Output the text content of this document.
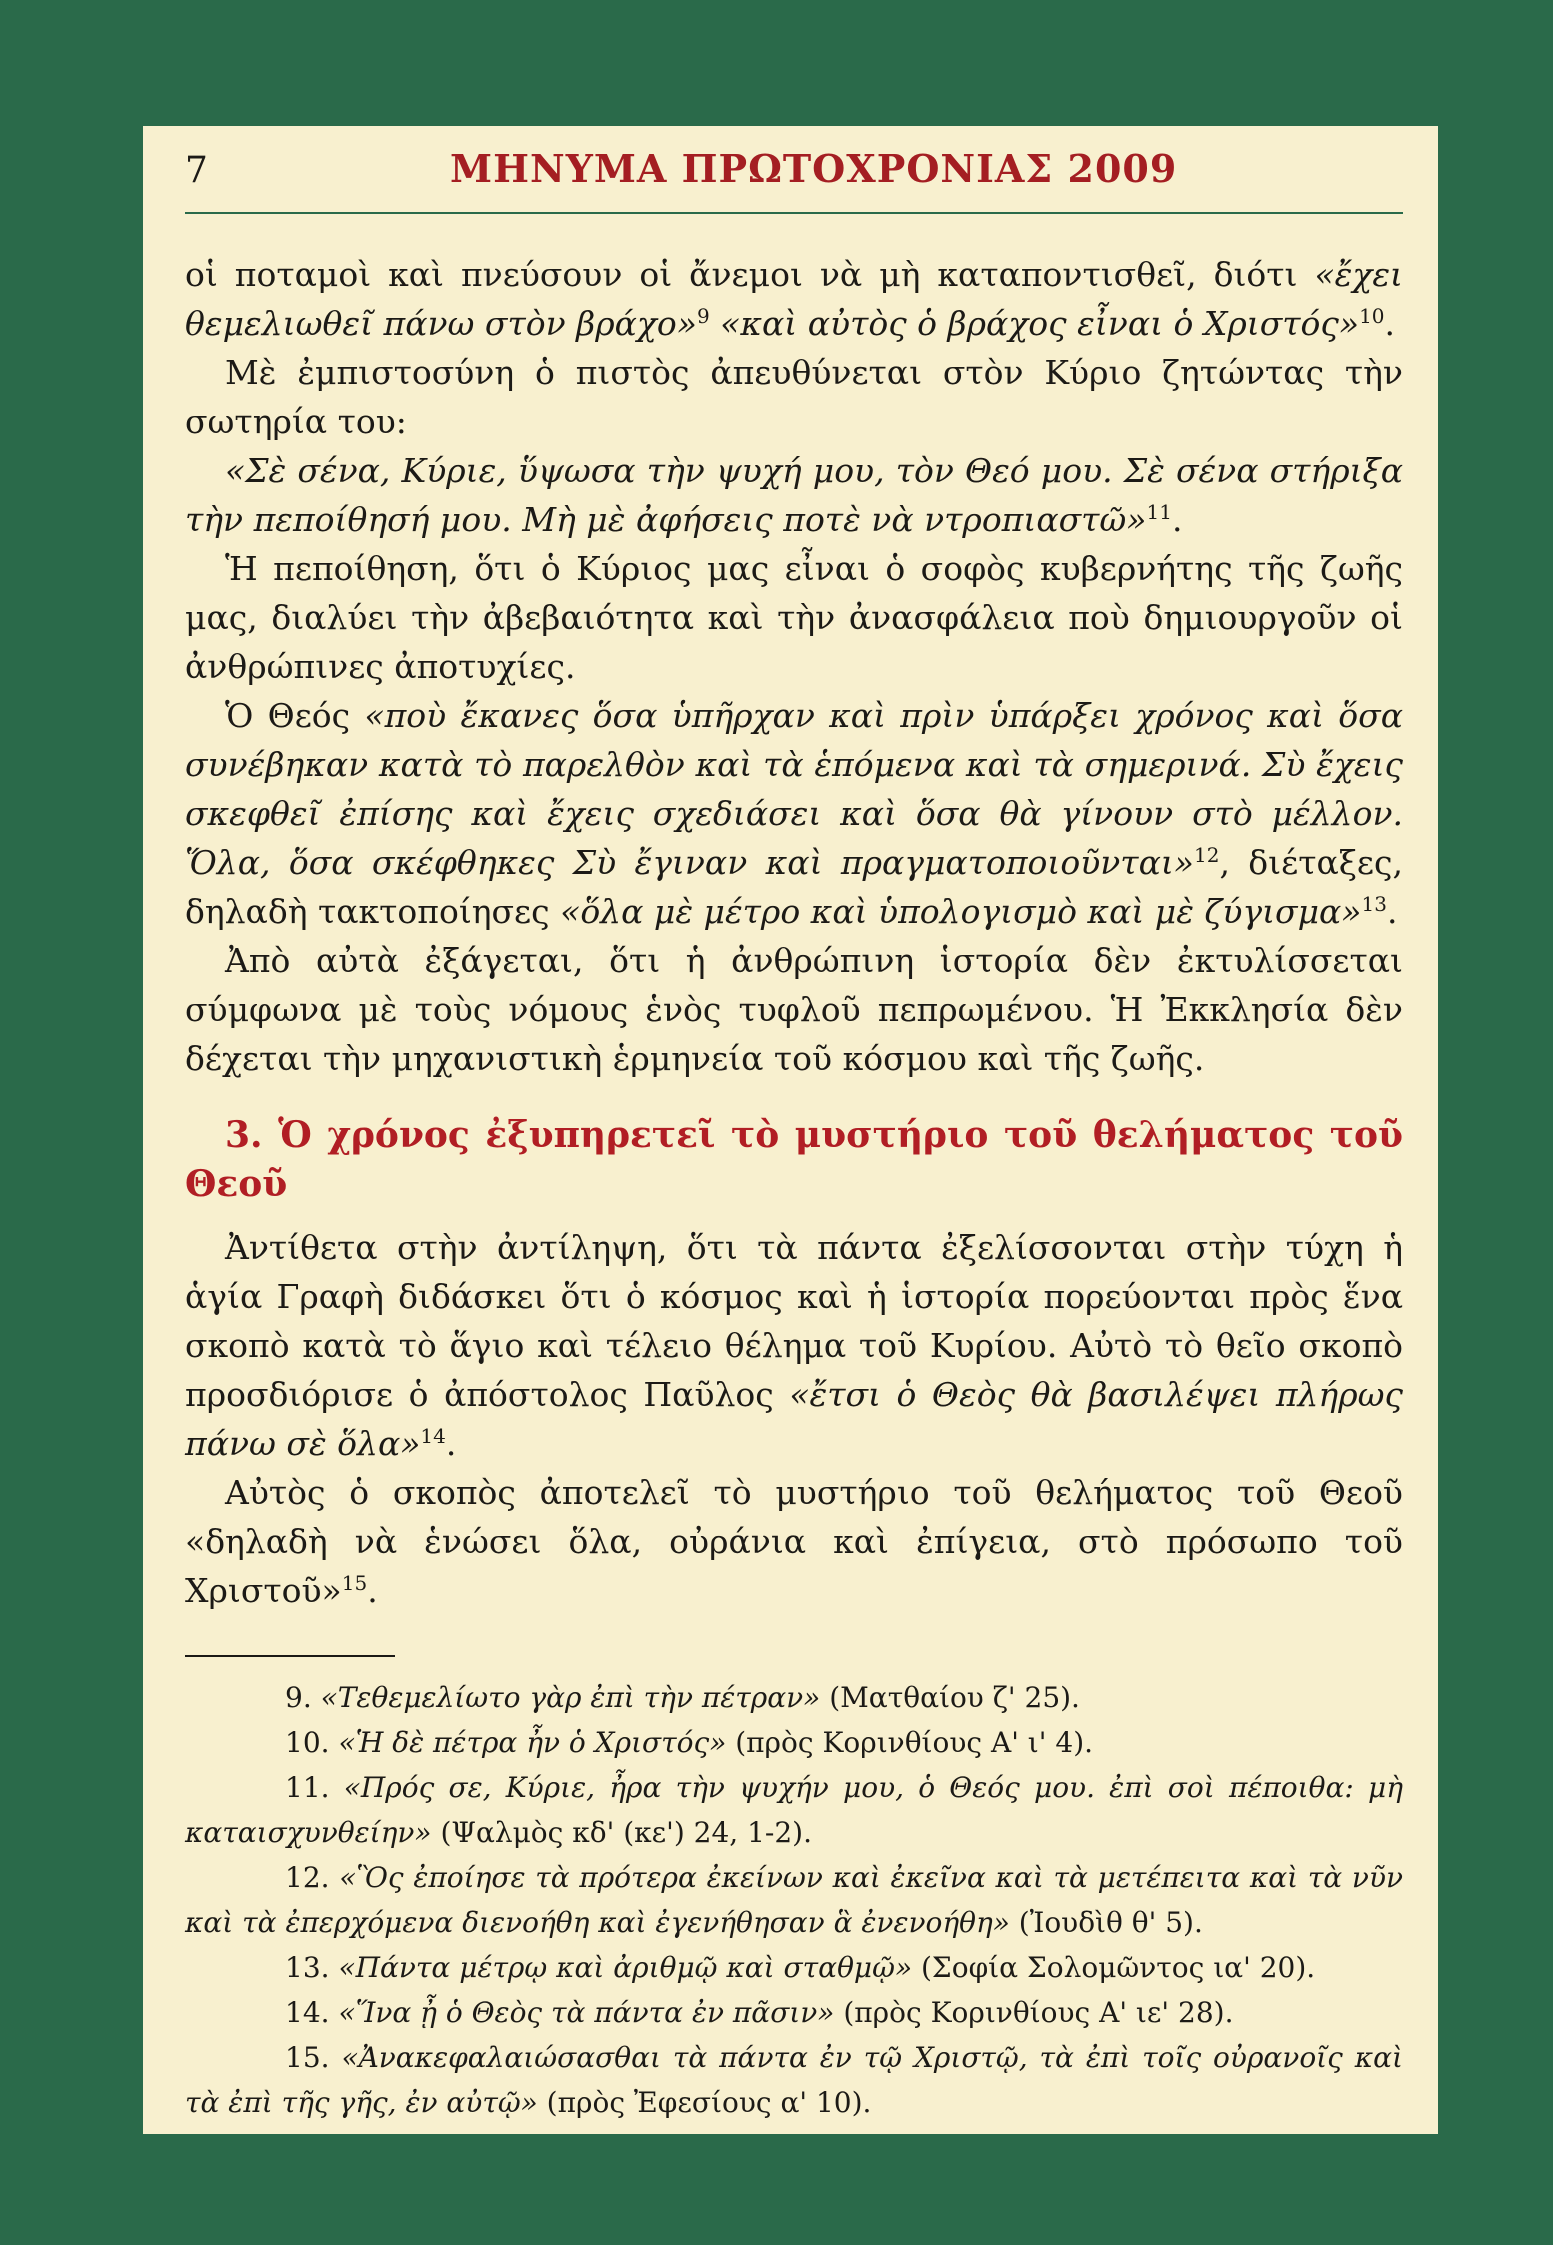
7	ΜΗΝΥΜΑ ΠΡΩΤΟΧΡΟΝΙΑΣ 2009

οἱ ποταμοὶ καὶ πνεύσουν οἱ ἄνεμοι νὰ μὴ καταποντισθεῖ, διότι «ἔχει θεμελιωθεῖ πάνω στὸν βράχο»$^9$ «καὶ αὐτὸς ὁ βράχος εἶναι ὁ Χριστός»$^{10}$.

Μὲ ἐμπιστοσύνη ὁ πιστὸς ἀπευθύνεται στὸν Κύριο ζητώντας τὴν σωτηρία του:

«Σὲ σένα, Κύριε, ὕψωσα τὴν ψυχή μου, τὸν Θεό μου. Σὲ σένα στήριξα τὴν πεποίθησή μου. Μὴ μὲ ἀφήσεις ποτὲ νὰ ντροπιαστῶ»$^{11}$.

Ἡ πεποίθηση, ὅτι ὁ Κύριος μας εἶναι ὁ σοφὸς κυβερνήτης τῆς ζωῆς μας, διαλύει τὴν ἀβεβαιότητα καὶ τὴν ἀνασφάλεια ποὺ δημιουργοῦν οἱ ἀνθρώπινες ἀποτυχίες.

Ὁ Θεός «ποὺ ἔκανες ὅσα ὑπῆρχαν καὶ πρὶν ὑπάρξει χρόνος καὶ ὅσα συνέβηκαν κατὰ τὸ παρελθὸν καὶ τὰ ἑπόμενα καὶ τὰ σημερινά. Σὺ ἔχεις σκεφθεῖ ἐπίσης καὶ ἔχεις σχεδιάσει καὶ ὅσα θὰ γίνουν στὸ μέλλον. Ὅλα, ὅσα σκέφθηκες Σὺ ἔγιναν καὶ πραγματοποιοῦνται»$^{12}$, διέταξες, δηλαδὴ τακτοποίησες «ὅλα μὲ μέτρο καὶ ὑπολογισμὸ καὶ μὲ ζύγισμα»$^{13}$.

Ἀπὸ αὐτὰ ἐξάγεται, ὅτι ἡ ἀνθρώπινη ἱστορία δὲν ἐκτυλίσσεται σύμφωνα μὲ τοὺς νόμους ἑνὸς τυφλοῦ πεπρωμένου. Ἡ Ἐκκλησία δὲν δέχεται τὴν μηχανιστικὴ ἑρμηνεία τοῦ κόσμου καὶ τῆς ζωῆς.

3. Ὁ χρόνος ἐξυπηρετεῖ τὸ μυστήριο τοῦ θελήματος τοῦ Θεοῦ

Ἀντίθετα στὴν ἀντίληψη, ὅτι τὰ πάντα ἐξελίσσονται στὴν τύχη ἡ ἁγία Γραφὴ διδάσκει ὅτι ὁ κόσμος καὶ ἡ ἱστορία πορεύονται πρὸς ἕνα σκοπὸ κατὰ τὸ ἅγιο καὶ τέλειο θέλημα τοῦ Κυρίου. Αὐτὸ τὸ θεῖο σκοπὸ προσδιόρισε ὁ ἀπόστολος Παῦλος «ἔτσι ὁ Θεὸς θὰ βασιλέψει πλήρως πάνω σὲ ὅλα»$^{14}$.

Αὐτὸς ὁ σκοπὸς ἀποτελεῖ τὸ μυστήριο τοῦ θελήματος τοῦ Θεοῦ «δηλαδὴ νὰ ἑνώσει ὅλα, οὐράνια καὶ ἐπίγεια, στὸ πρόσωπο τοῦ Χριστοῦ»$^{15}$.

9. «Τεθεμελίωτο γὰρ ἐπὶ τὴν πέτραν» (Ματθαίου ζ' 25).

10. «Ἡ δὲ πέτρα ἦν ὁ Χριστός» (πρὸς Κορινθίους Α' ι' 4).

11. «Πρός σε, Κύριε, ἦρα τὴν ψυχήν μου, ὁ Θεός μου. ἐπὶ σοὶ πέποιθα: μὴ καταισχυνθείην» (Ψαλμὸς κδ' (κε') 24, 1-2).

12. «Ὃς ἐποίησε τὰ πρότερα ἐκείνων καὶ ἐκεῖνα καὶ τὰ μετέπειτα καὶ τὰ νῦν καὶ τὰ ἐπερχόμενα διενοήθη καὶ ἐγενήθησαν ἃ ἐνενοήθη» (Ἰουδὶθ θ' 5).

13. «Πάντα μέτρῳ καὶ ἀριθμῷ καὶ σταθμῷ» (Σοφία Σολομῶντος ια' 20).

14. «Ἵνα ᾖ ὁ Θεὸς τὰ πάντα ἐν πᾶσιν» (πρὸς Κορινθίους Α' ιε' 28).

15. «Ἀνακεφαλαιώσασθαι τὰ πάντα ἐν τῷ Χριστῷ, τὰ ἐπὶ τοῖς οὐρανοῖς καὶ τὰ ἐπὶ τῆς γῆς, ἐν αὐτῷ» (πρὸς Ἐφεσίους α' 10).
